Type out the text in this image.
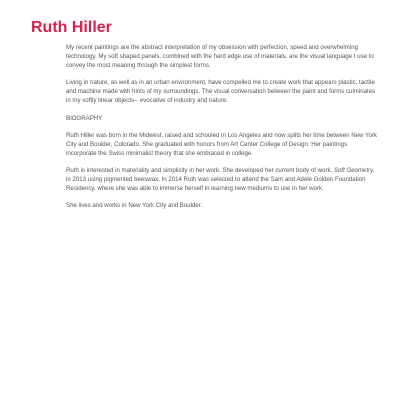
Ruth Hiller

My recent paintings are the abstract interpretation of my obsession with perfection, speed and overwhelming technology. My soft shaped panels, combined with the hard edge use of materials, are the visual language I use to convey the most meaning through the simplest forms.

Living in nature, as well as in an urban environment, have compelled me to create work that appears plastic, tactile and machine made with hints of my surroundings. The visual conversation between the paint and forms culminates in my softly linear objects-- evocative of industry and nature.

BIOGRAPHY

Ruth Hiller was born in the Midwest, raised and schooled in Los Angeles and now splits her time between New York City and Boulder, Colorado. She graduated with honors from Art Center College of Design. Her paintings incorporate the Swiss minimalist theory that she embraced in college.

Ruth is interested in materiality and simplicity in her work. She developed her current body of work, Soft Geometry, in 2013 using pigmented beeswax. In 2014 Ruth was selected to attend the Sam and Adele Golden Foundation Residency, where she was able to immerse herself in learning new mediums to use in her work.

She lives and works in New York City and Boulder.
